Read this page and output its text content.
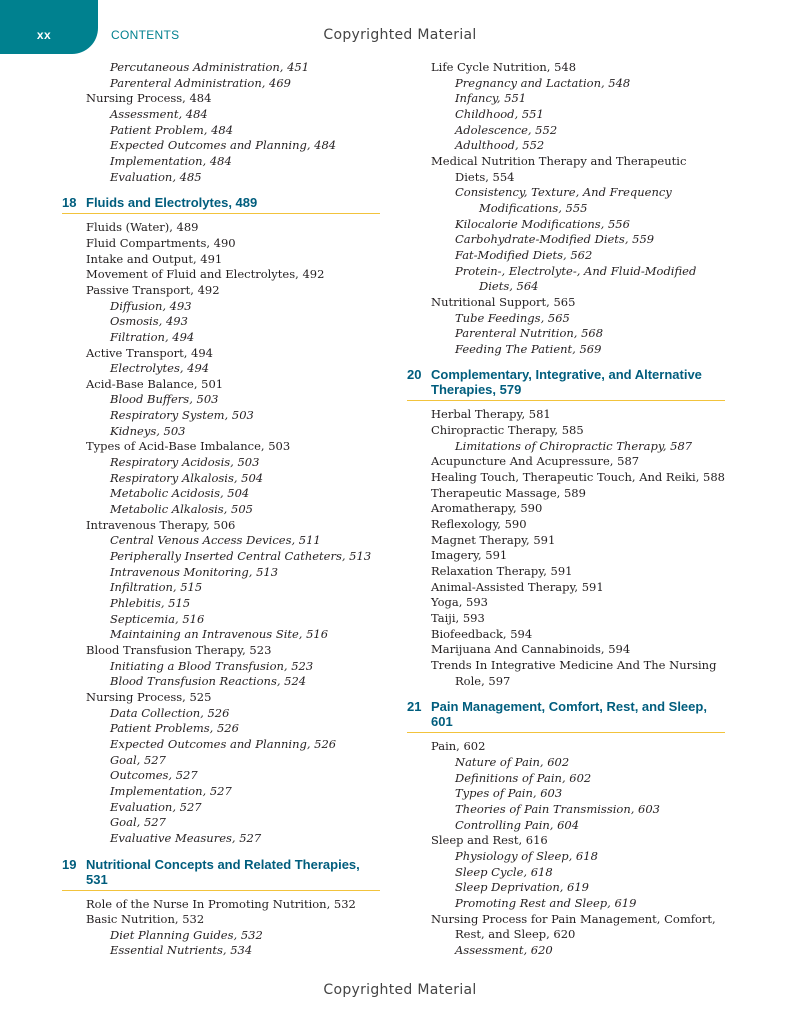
xx	CONTENTS	Copyrighted Material
Percutaneous Administration, 451
Parenteral Administration, 469
Nursing Process, 484
Assessment, 484
Patient Problem, 484
Expected Outcomes and Planning, 484
Implementation, 484
Evaluation, 485
18 Fluids and Electrolytes, 489
Fluids (Water), 489
Fluid Compartments, 490
Intake and Output, 491
Movement of Fluid and Electrolytes, 492
Passive Transport, 492
Diffusion, 493
Osmosis, 493
Filtration, 494
Active Transport, 494
Electrolytes, 494
Acid-Base Balance, 501
Blood Buffers, 503
Respiratory System, 503
Kidneys, 503
Types of Acid-Base Imbalance, 503
Respiratory Acidosis, 503
Respiratory Alkalosis, 504
Metabolic Acidosis, 504
Metabolic Alkalosis, 505
Intravenous Therapy, 506
Central Venous Access Devices, 511
Peripherally Inserted Central Catheters, 513
Intravenous Monitoring, 513
Infiltration, 515
Phlebitis, 515
Septicemia, 516
Maintaining an Intravenous Site, 516
Blood Transfusion Therapy, 523
Initiating a Blood Transfusion, 523
Blood Transfusion Reactions, 524
Nursing Process, 525
Data Collection, 526
Patient Problems, 526
Expected Outcomes and Planning, 526
Goal, 527
Outcomes, 527
Implementation, 527
Evaluation, 527
Goal, 527
Evaluative Measures, 527
19 Nutritional Concepts and Related Therapies, 531
Role of the Nurse In Promoting Nutrition, 532
Basic Nutrition, 532
Diet Planning Guides, 532
Essential Nutrients, 534
Life Cycle Nutrition, 548
Pregnancy and Lactation, 548
Infancy, 551
Childhood, 551
Adolescence, 552
Adulthood, 552
Medical Nutrition Therapy and Therapeutic
Diets, 554
Consistency, Texture, And Frequency
Modifications, 555
Kilocalorie Modifications, 556
Carbohydrate-Modified Diets, 559
Fat-Modified Diets, 562
Protein-, Electrolyte-, And Fluid-Modified
Diets, 564
Nutritional Support, 565
Tube Feedings, 565
Parenteral Nutrition, 568
Feeding The Patient, 569
20 Complementary, Integrative, and Alternative Therapies, 579
Herbal Therapy, 581
Chiropractic Therapy, 585
Limitations of Chiropractic Therapy, 587
Acupuncture And Acupressure, 587
Healing Touch, Therapeutic Touch, And Reiki, 588
Therapeutic Massage, 589
Aromatherapy, 590
Reflexology, 590
Magnet Therapy, 591
Imagery, 591
Relaxation Therapy, 591
Animal-Assisted Therapy, 591
Yoga, 593
Taiji, 593
Biofeedback, 594
Marijuana And Cannabinoids, 594
Trends In Integrative Medicine And The Nursing
Role, 597
21 Pain Management, Comfort, Rest, and Sleep, 601
Pain, 602
Nature of Pain, 602
Definitions of Pain, 602
Types of Pain, 603
Theories of Pain Transmission, 603
Controlling Pain, 604
Sleep and Rest, 616
Physiology of Sleep, 618
Sleep Cycle, 618
Sleep Deprivation, 619
Promoting Rest and Sleep, 619
Nursing Process for Pain Management, Comfort,
Rest, and Sleep, 620
Assessment, 620
Copyrighted Material
